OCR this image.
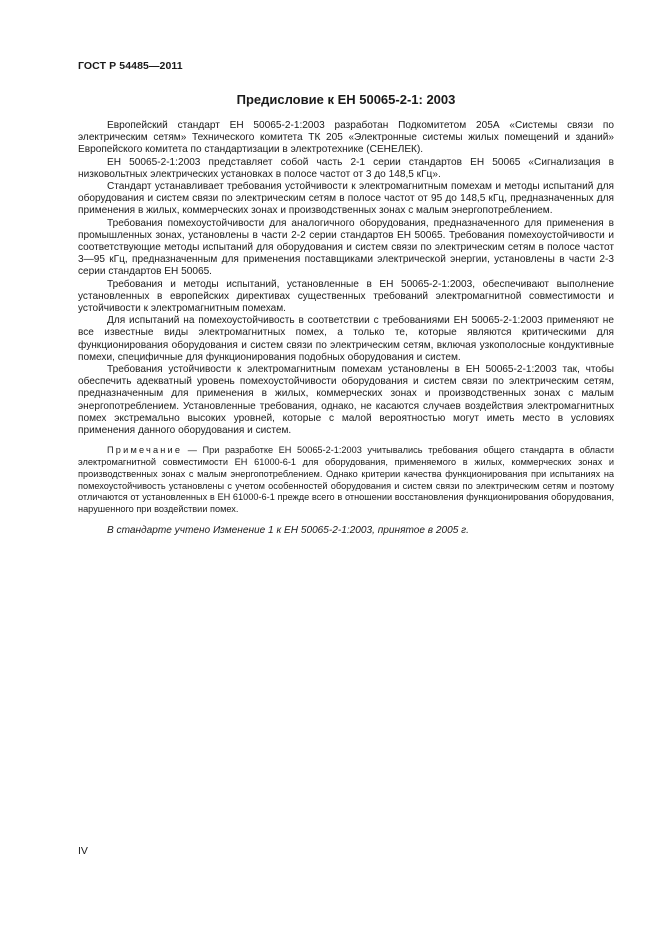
ГОСТ Р 54485—2011
Предисловие к ЕН 50065-2-1: 2003

Европейский стандарт ЕН 50065-2-1:2003 разработан Подкомитетом 205А «Системы связи по электрическим сетям» Технического комитета ТК 205 «Электронные системы жилых помещений и зданий» Европейского комитета по стандартизации в электротехнике (СЕНЕЛЕК).

ЕН 50065-2-1:2003 представляет собой часть 2-1 серии стандартов ЕН 50065 «Сигнализация в низковольтных электрических установках в полосе частот от 3 до 148,5 кГц».

Стандарт устанавливает требования устойчивости к электромагнитным помехам и методы испытаний для оборудования и систем связи по электрическим сетям в полосе частот от 95 до 148,5 кГц, предназначенных для применения в жилых, коммерческих зонах и производственных зонах с малым энергопотреблением.

Требования помехоустойчивости для аналогичного оборудования, предназначенного для применения в промышленных зонах, установлены в части 2-2 серии стандартов ЕН 50065. Требования помехоустойчивости и соответствующие методы испытаний для оборудования и систем связи по электрическим сетям в полосе частот 3—95 кГц, предназначенным для применения поставщиками электрической энергии, установлены в части 2-3 серии стандартов ЕН 50065.

Требования и методы испытаний, установленные в ЕН 50065-2-1:2003, обеспечивают выполнение установленных в европейских директивах существенных требований электромагнитной совместимости и устойчивости к электромагнитным помехам.

Для испытаний на помехоустойчивость в соответствии с требованиями ЕН 50065-2-1:2003 применяют не все известные виды электромагнитных помех, а только те, которые являются критическими для функционирования оборудования и систем связи по электрическим сетям, включая узкополосные кондуктивные помехи, специфичные для функционирования подобных оборудования и систем.

Требования устойчивости к электромагнитным помехам установлены в ЕН 50065-2-1:2003 так, чтобы обеспечить адекватный уровень помехоустойчивости оборудования и систем связи по электрическим сетям, предназначенным для применения в жилых, коммерческих зонах и производственных зонах с малым энергопотреблением. Установленные требования, однако, не касаются случаев воздействия электромагнитных помех экстремально высоких уровней, которые с малой вероятностью могут иметь место в условиях применения данного оборудования и систем.

Примечание — При разработке ЕН 50065-2-1:2003 учитывались требования общего стандарта в области электромагнитной совместимости ЕН 61000-6-1 для оборудования, применяемого в жилых, коммерческих зонах и производственных зонах с малым энергопотреблением. Однако критерии качества функционирования при испытаниях на помехоустойчивость установлены с учетом особенностей оборудования и систем связи по электрическим сетям и поэтому отличаются от установленных в ЕН 61000-6-1 прежде всего в отношении восстановления функционирования оборудования, нарушенного при воздействии помех.

В стандарте учтено Изменение 1 к ЕН 50065-2-1:2003, принятое в 2005 г.

IV
